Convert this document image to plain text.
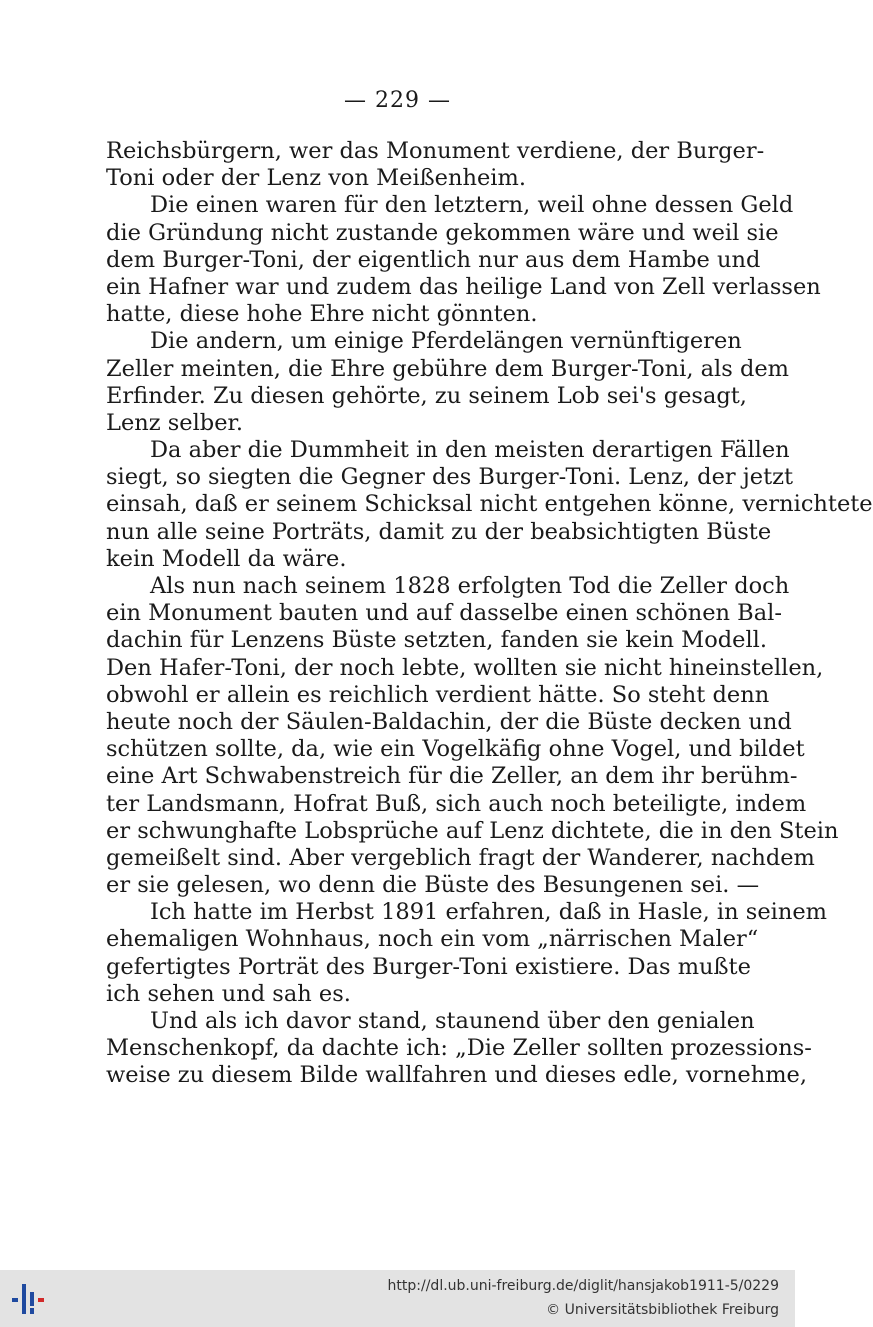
— 229 —
Reichsbürgern, wer das Monument verdiene, der Burger-
Toni oder der Lenz von Meißenheim.
Die einen waren für den letztern, weil ohne dessen Geld
die Gründung nicht zustande gekommen wäre und weil sie
dem Burger-Toni, der eigentlich nur aus dem Hambe und
ein Hafner war und zudem das heilige Land von Zell verlassen
hatte, diese hohe Ehre nicht gönnten.
Die andern, um einige Pferdelängen vernünftigeren
Zeller meinten, die Ehre gebühre dem Burger-Toni, als dem
Erfinder. Zu diesen gehörte, zu seinem Lob sei's gesagt,
Lenz selber.
Da aber die Dummheit in den meisten derartigen Fällen
siegt, so siegten die Gegner des Burger-Toni. Lenz, der jetzt
einsah, daß er seinem Schicksal nicht entgehen könne, vernichtete
nun alle seine Porträts, damit zu der beabsichtigten Büste
kein Modell da wäre.
Als nun nach seinem 1828 erfolgten Tod die Zeller doch
ein Monument bauten und auf dasselbe einen schönen Bal-
dachin für Lenzens Büste setzten, fanden sie kein Modell.
Den Hafer-Toni, der noch lebte, wollten sie nicht hineinstellen,
obwohl er allein es reichlich verdient hätte. So steht denn
heute noch der Säulen-Baldachin, der die Büste decken und
schützen sollte, da, wie ein Vogelkäfig ohne Vogel, und bildet
eine Art Schwabenstreich für die Zeller, an dem ihr berühm-
ter Landsmann, Hofrat Buß, sich auch noch beteiligte, indem
er schwunghafte Lobsprüche auf Lenz dichtete, die in den Stein
gemeißelt sind. Aber vergeblich fragt der Wanderer, nachdem
er sie gelesen, wo denn die Büste des Besungenen sei. —
Ich hatte im Herbst 1891 erfahren, daß in Hasle, in seinem
ehemaligen Wohnhaus, noch ein vom „närrischen Maler“
gefertigtes Porträt des Burger-Toni existiere. Das mußte
ich sehen und sah es.
Und als ich davor stand, staunend über den genialen
Menschenkopf, da dachte ich: „Die Zeller sollten prozessions-
weise zu diesem Bilde wallfahren und dieses edle, vornehme,
http://dl.ub.uni-freiburg.de/diglit/hansjakob1911-5/0229
© Universitätsbibliothek Freiburg
